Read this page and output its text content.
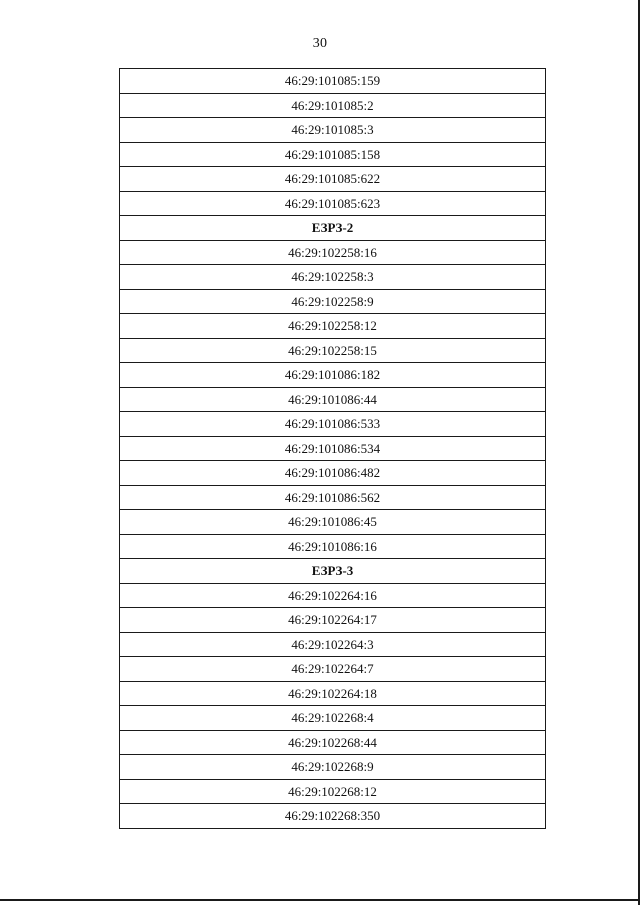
30
46:29:101085:159
46:29:101085:2
46:29:101085:3
46:29:101085:158
46:29:101085:622
46:29:101085:623
ЕЗРЗ-2
46:29:102258:16
46:29:102258:3
46:29:102258:9
46:29:102258:12
46:29:102258:15
46:29:101086:182
46:29:101086:44
46:29:101086:533
46:29:101086:534
46:29:101086:482
46:29:101086:562
46:29:101086:45
46:29:101086:16
ЕЗРЗ-3
46:29:102264:16
46:29:102264:17
46:29:102264:3
46:29:102264:7
46:29:102264:18
46:29:102268:4
46:29:102268:44
46:29:102268:9
46:29:102268:12
46:29:102268:350
